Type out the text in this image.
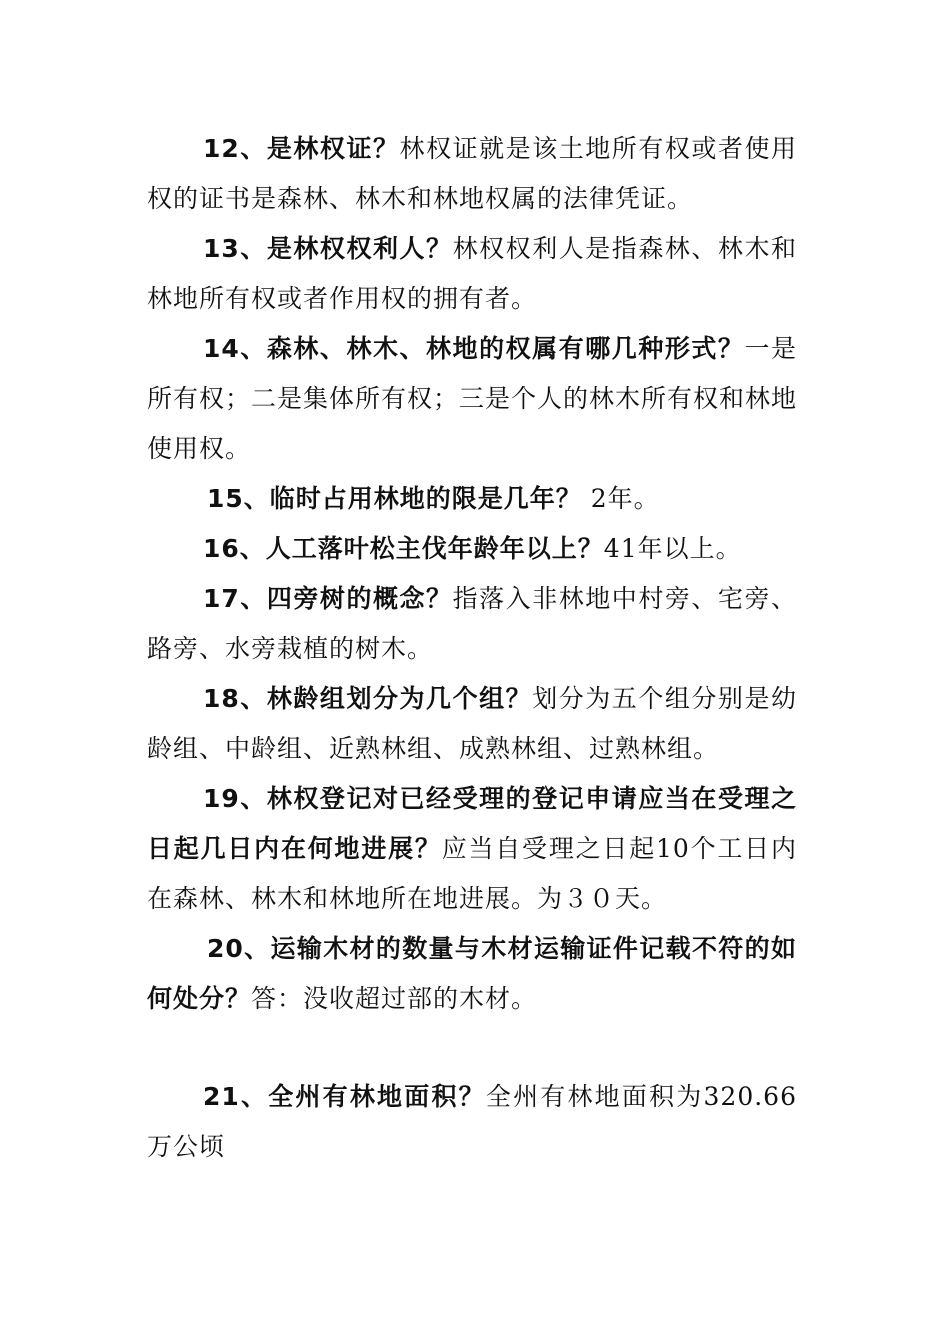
12、是林权证？林权证就是该土地所有权或者使用权的证书是森林、林木和林地权属的法律凭证。
13、是林权权利人？林权权利人是指森林、林木和林地所有权或者作用权的拥有者。
14、森林、林木、林地的权属有哪几种形式？一是所有权；二是集体所有权；三是个人的林木所有权和林地使用权。
15、临时占用林地的限是几年？ 2年。
16、人工落叶松主伐年龄年以上？41年以上。
17、四旁树的概念？指落入非林地中村旁、宅旁、路旁、水旁栽植的树木。
18、林龄组划分为几个组？划分为五个组分别是幼龄组、中龄组、近熟林组、成熟林组、过熟林组。
19、林权登记对已经受理的登记申请应当在受理之日起几日内在何地进展？应当自受理之日起10个工日内在森林、林木和林地所在地进展。为３０天。
20、运输木材的数量与木材运输证件记载不符的如何处分？答：没收超过部的木材。
21、全州有林地面积？全州有林地面积为320.66万公顷
